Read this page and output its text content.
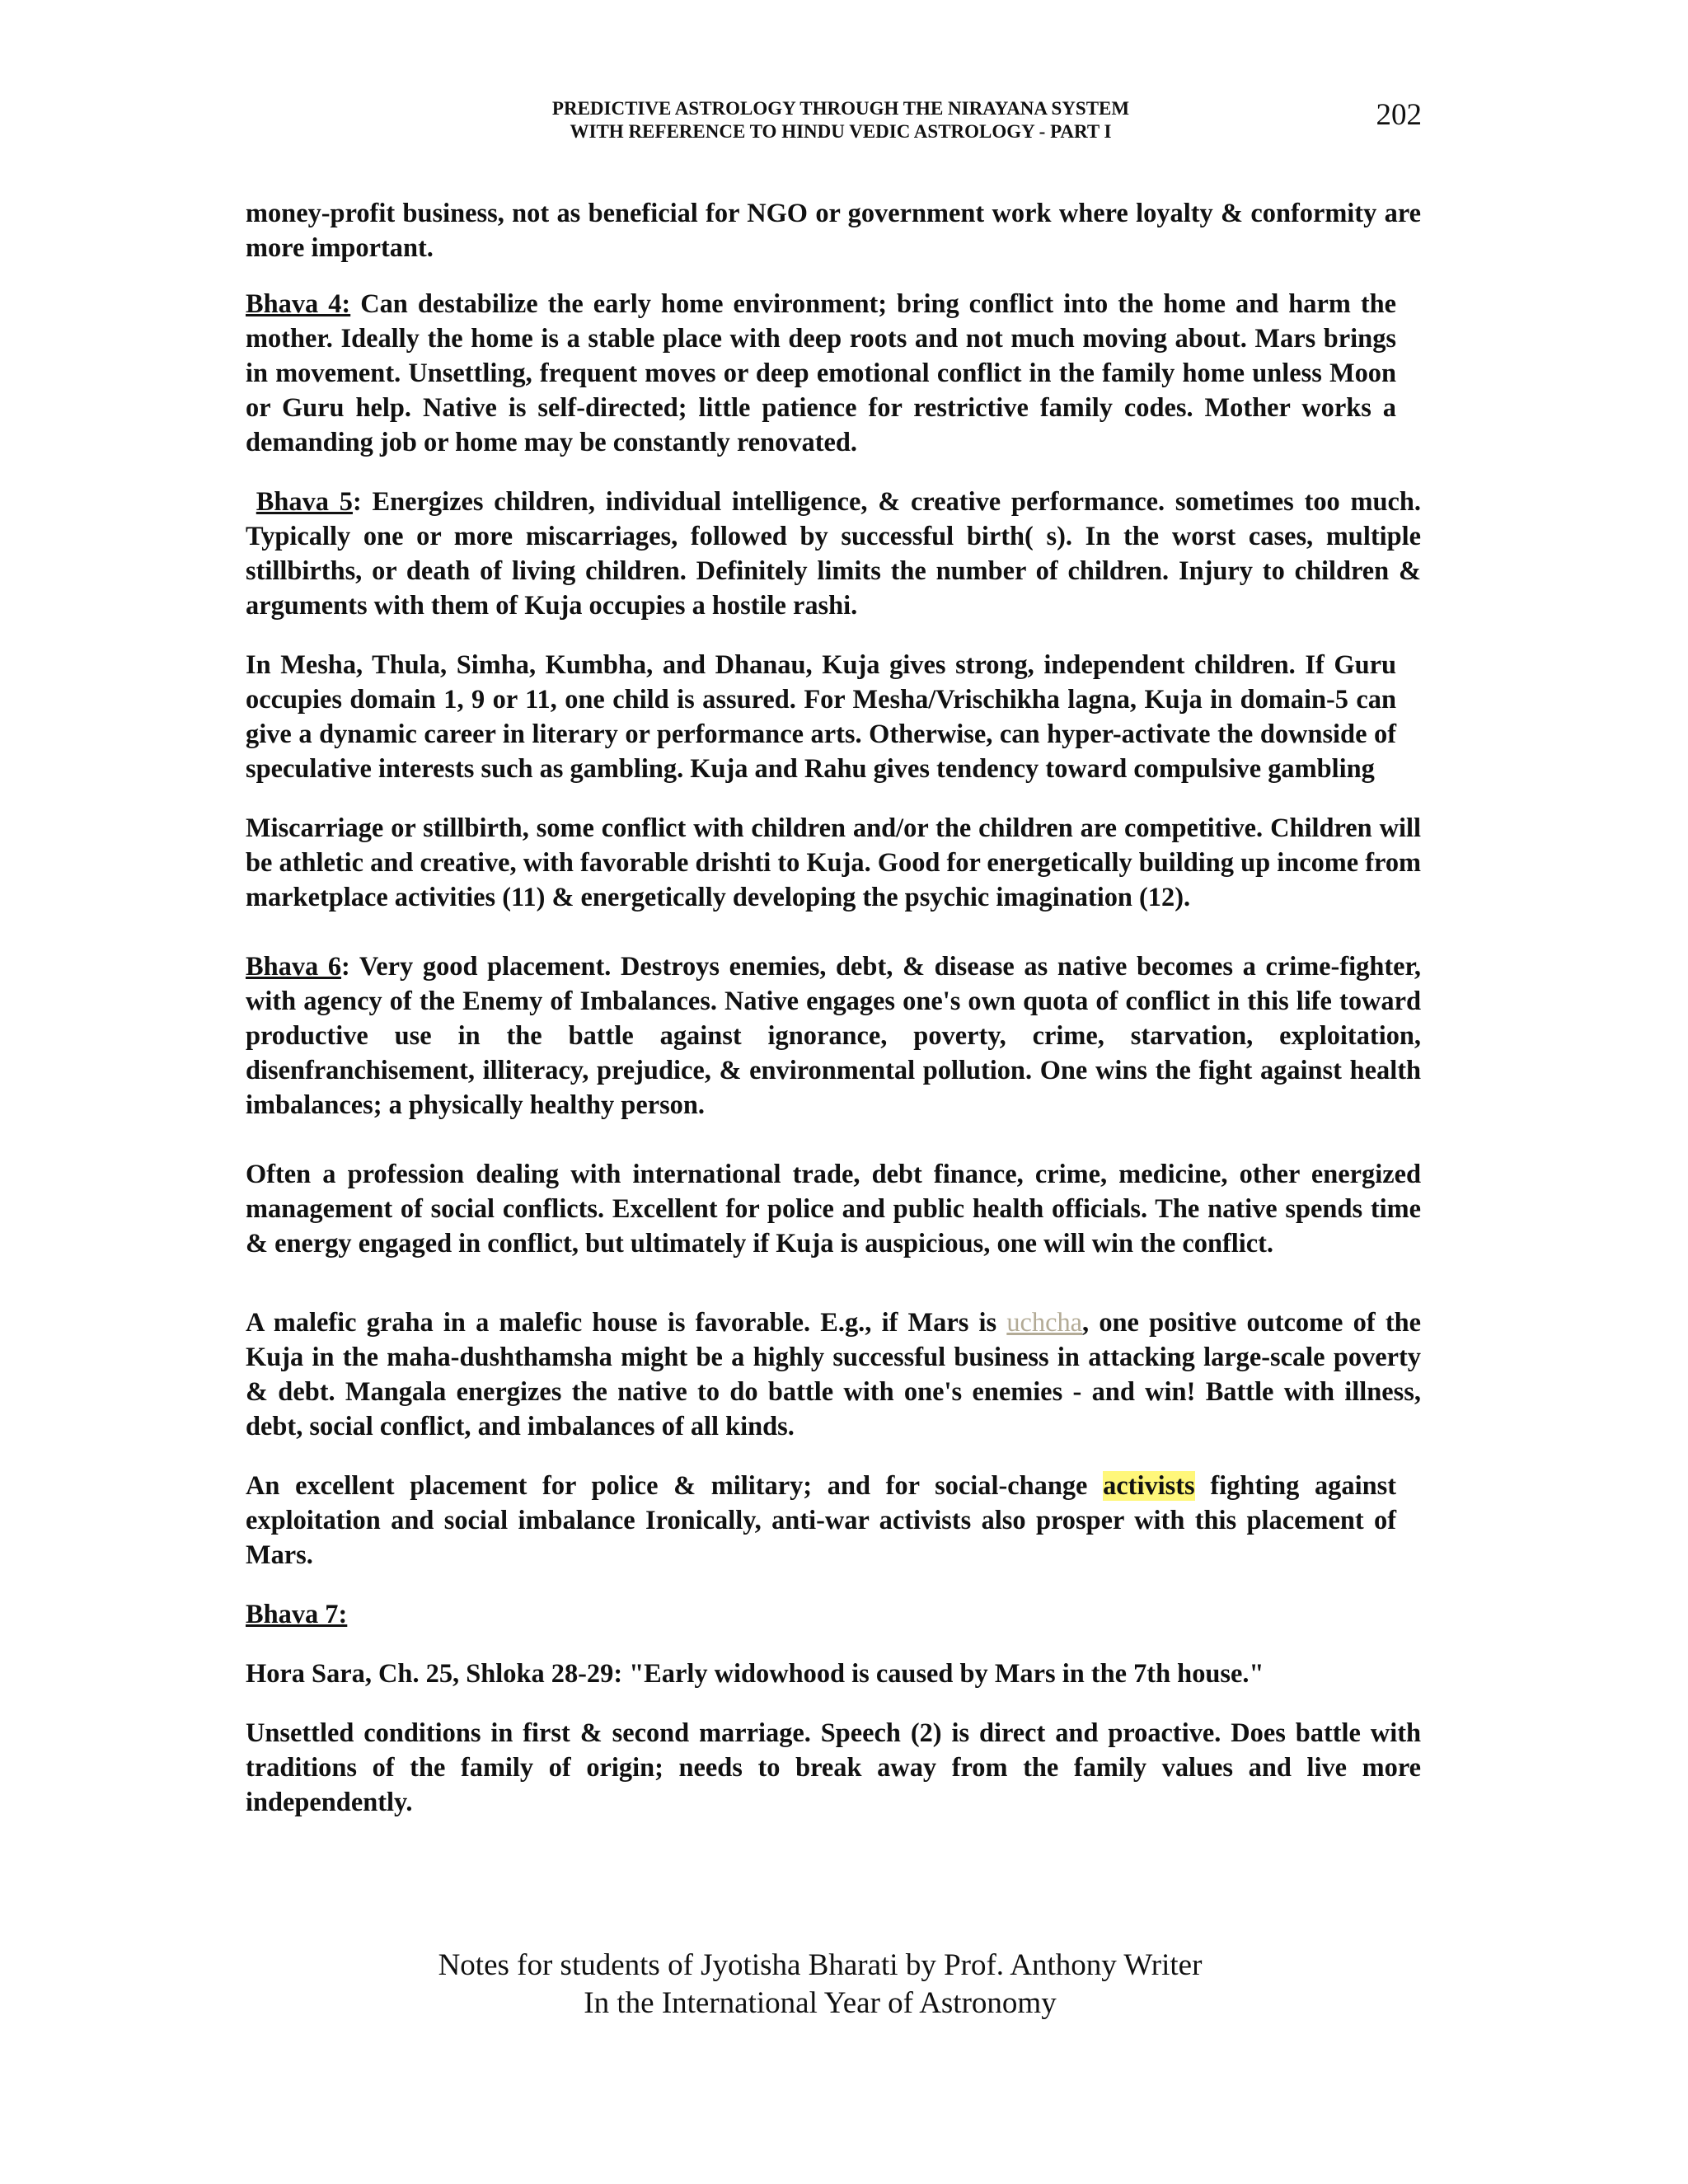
PREDICTIVE ASTROLOGY THROUGH THE NIRAYANA SYSTEM
WITH REFERENCE TO HINDU VEDIC ASTROLOGY - PART I	202

money-profit business, not as beneficial for NGO or government work where loyalty & conformity are more important.

Bhava 4: Can destabilize the early home environment; bring conflict into the home and harm the mother. Ideally the home is a stable place with deep roots and not much moving about. Mars brings in movement. Unsettling, frequent moves or deep emotional conflict in the family home unless Moon or Guru help. Native is self-directed; little patience for restrictive family codes. Mother works a demanding job or home may be constantly renovated.

Bhava 5: Energizes children, individual intelligence, & creative performance. sometimes too much. Typically one or more miscarriages, followed by successful birth( s). In the worst cases, multiple stillbirths, or death of living children. Definitely limits the number of children. Injury to children & arguments with them of Kuja occupies a hostile rashi.

In Mesha, Thula, Simha, Kumbha, and Dhanau, Kuja gives strong, independent children. If Guru occupies domain 1, 9 or 11, one child is assured. For Mesha/Vrischikha lagna, Kuja in domain-5 can give a dynamic career in literary or performance arts. Otherwise, can hyper-activate the downside of speculative interests such as gambling. Kuja and Rahu gives tendency toward compulsive gambling

Miscarriage or stillbirth, some conflict with children and/or the children are competitive. Children will be athletic and creative, with favorable drishti to Kuja. Good for energetically building up income from marketplace activities (11) & energetically developing the psychic imagination (12).

Bhava 6: Very good placement. Destroys enemies, debt, & disease as native becomes a crime-fighter, with agency of the Enemy of Imbalances. Native engages one's own quota of conflict in this life toward productive use in the battle against ignorance, poverty, crime, starvation, exploitation, disenfranchisement, illiteracy, prejudice, & environmental pollution. One wins the fight against health imbalances; a physically healthy person.

Often a profession dealing with international trade, debt finance, crime, medicine, other energized management of social conflicts. Excellent for police and public health officials. The native spends time & energy engaged in conflict, but ultimately if Kuja is auspicious, one will win the conflict.

A malefic graha in a malefic house is favorable. E.g., if Mars is uchcha, one positive outcome of the Kuja in the maha-dushthamsha might be a highly successful business in attacking large-scale poverty & debt. Mangala energizes the native to do battle with one's enemies - and win! Battle with illness, debt, social conflict, and imbalances of all kinds.

An excellent placement for police & military; and for social-change activists fighting against exploitation and social imbalance Ironically, anti-war activists also prosper with this placement of Mars.

Bhava 7:

Hora Sara, Ch. 25, Shloka 28-29: "Early widowhood is caused by Mars in the 7th house."

Unsettled conditions in first & second marriage. Speech (2) is direct and proactive. Does battle with traditions of the family of origin; needs to break away from the family values and live more independently.

Notes for students of Jyotisha Bharati by Prof. Anthony Writer
In the International Year of Astronomy
